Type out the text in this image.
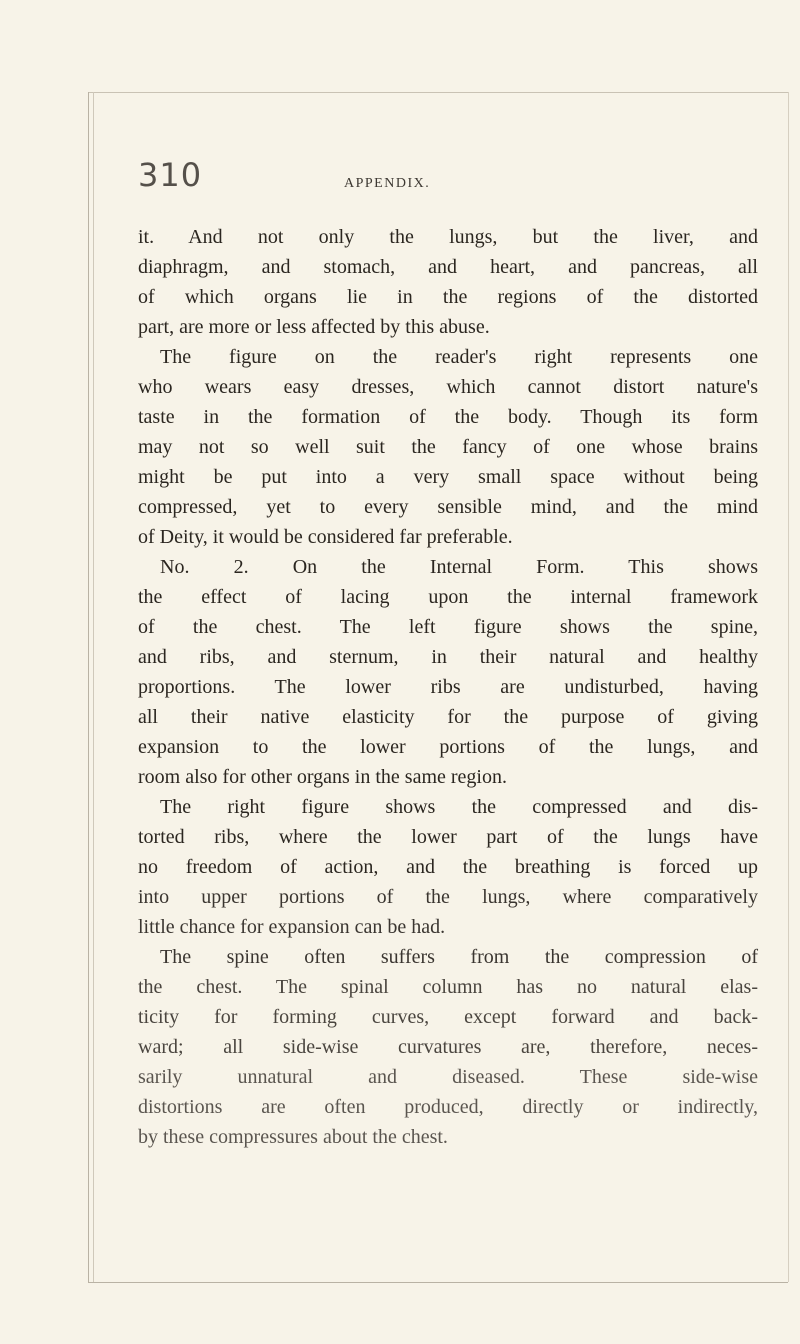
310	APPENDIX.
it. And not only the lungs, but the liver, and
diaphragm, and stomach, and heart, and pancreas, all
of which organs lie in the regions of the distorted
part, are more or less affected by this abuse.
The figure on the reader's right represents one
who wears easy dresses, which cannot distort nature's
taste in the formation of the body. Though its form
may not so well suit the fancy of one whose brains
might be put into a very small space without being
compressed, yet to every sensible mind, and the mind
of Deity, it would be considered far preferable.
No. 2. On the Internal Form. This shows
the effect of lacing upon the internal framework
of the chest. The left figure shows the spine,
and ribs, and sternum, in their natural and healthy
proportions. The lower ribs are undisturbed, having
all their native elasticity for the purpose of giving
expansion to the lower portions of the lungs, and
room also for other organs in the same region.
The right figure shows the compressed and dis-
torted ribs, where the lower part of the lungs have
no freedom of action, and the breathing is forced up
into upper portions of the lungs, where comparatively
little chance for expansion can be had.
The spine often suffers from the compression of
the chest. The spinal column has no natural elas-
ticity for forming curves, except forward and back-
ward; all side-wise curvatures are, therefore, neces-
sarily unnatural and diseased. These side-wise
distortions are often produced, directly or indirectly,
by these compressures about the chest.
